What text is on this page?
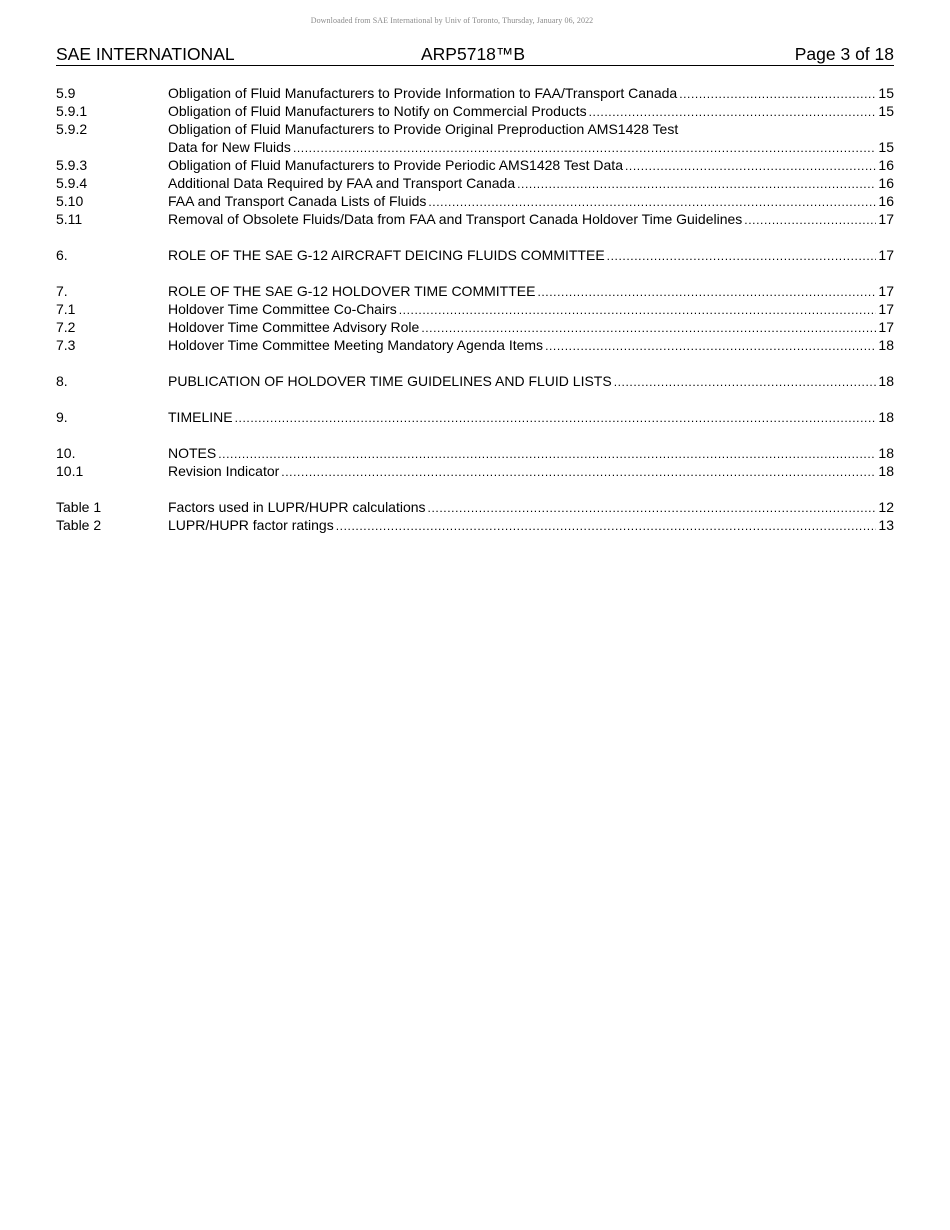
Downloaded from SAE International by Univ of Toronto, Thursday, January 06, 2022
SAE INTERNATIONAL	ARP5718™B	Page 3 of 18
5.9	Obligation of Fluid Manufacturers to Provide Information to FAA/Transport Canada .....	15
5.9.1	Obligation of Fluid Manufacturers to Notify on Commercial Products .....	15
5.9.2	Obligation of Fluid Manufacturers to Provide Original Preproduction AMS1428 Test
Data for New Fluids .....	15
5.9.3	Obligation of Fluid Manufacturers to Provide Periodic AMS1428 Test Data .....	16
5.9.4	Additional Data Required by FAA and Transport Canada .....	16
5.10	FAA and Transport Canada Lists of Fluids .....	16
5.11	Removal of Obsolete Fluids/Data from FAA and Transport Canada Holdover Time Guidelines .....	17
6.	ROLE OF THE SAE G-12 AIRCRAFT DEICING FLUIDS COMMITTEE .....	17
7.	ROLE OF THE SAE G-12 HOLDOVER TIME COMMITTEE .....	17
7.1	Holdover Time Committee Co-Chairs .....	17
7.2	Holdover Time Committee Advisory Role .....	17
7.3	Holdover Time Committee Meeting Mandatory Agenda Items .....	18
8.	PUBLICATION OF HOLDOVER TIME GUIDELINES AND FLUID LISTS .....	18
9.	TIMELINE .....	18
10.	NOTES .....	18
10.1	Revision Indicator .....	18
Table 1	Factors used in LUPR/HUPR calculations .....	12
Table 2	LUPR/HUPR factor ratings .....	13
